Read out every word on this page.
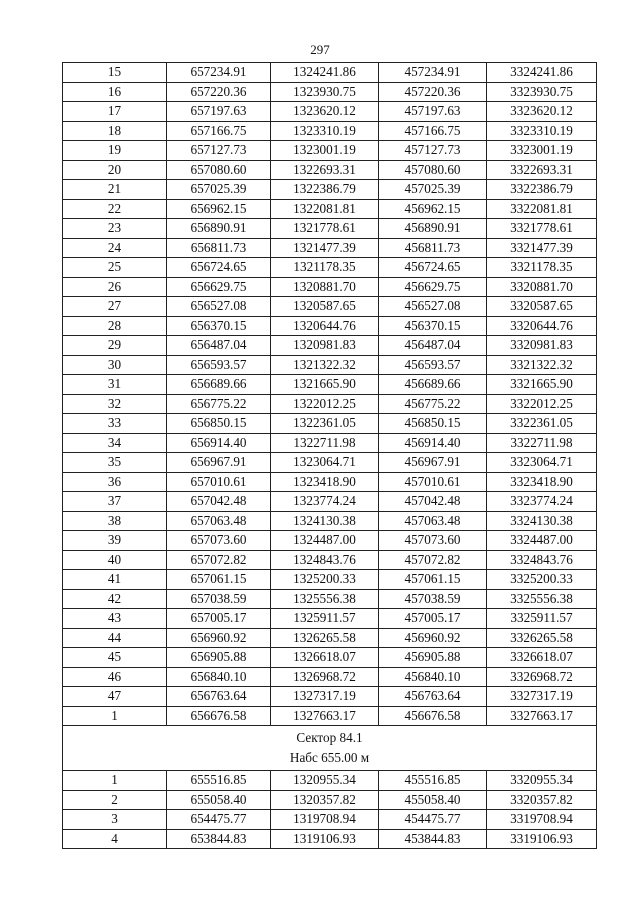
297
15	657234.91	1324241.86	457234.91	3324241.86
16	657220.36	1323930.75	457220.36	3323930.75
17	657197.63	1323620.12	457197.63	3323620.12
18	657166.75	1323310.19	457166.75	3323310.19
19	657127.73	1323001.19	457127.73	3323001.19
20	657080.60	1322693.31	457080.60	3322693.31
21	657025.39	1322386.79	457025.39	3322386.79
22	656962.15	1322081.81	456962.15	3322081.81
23	656890.91	1321778.61	456890.91	3321778.61
24	656811.73	1321477.39	456811.73	3321477.39
25	656724.65	1321178.35	456724.65	3321178.35
26	656629.75	1320881.70	456629.75	3320881.70
27	656527.08	1320587.65	456527.08	3320587.65
28	656370.15	1320644.76	456370.15	3320644.76
29	656487.04	1320981.83	456487.04	3320981.83
30	656593.57	1321322.32	456593.57	3321322.32
31	656689.66	1321665.90	456689.66	3321665.90
32	656775.22	1322012.25	456775.22	3322012.25
33	656850.15	1322361.05	456850.15	3322361.05
34	656914.40	1322711.98	456914.40	3322711.98
35	656967.91	1323064.71	456967.91	3323064.71
36	657010.61	1323418.90	457010.61	3323418.90
37	657042.48	1323774.24	457042.48	3323774.24
38	657063.48	1324130.38	457063.48	3324130.38
39	657073.60	1324487.00	457073.60	3324487.00
40	657072.82	1324843.76	457072.82	3324843.76
41	657061.15	1325200.33	457061.15	3325200.33
42	657038.59	1325556.38	457038.59	3325556.38
43	657005.17	1325911.57	457005.17	3325911.57
44	656960.92	1326265.58	456960.92	3326265.58
45	656905.88	1326618.07	456905.88	3326618.07
46	656840.10	1326968.72	456840.10	3326968.72
47	656763.64	1327317.19	456763.64	3327317.19
1	656676.58	1327663.17	456676.58	3327663.17

Сектор 84.1
Набс 655.00 м				

1	655516.85	1320955.34	455516.85	3320955.34
2	655058.40	1320357.82	455058.40	3320357.82
3	654475.77	1319708.94	454475.77	3319708.94
4	653844.83	1319106.93	453844.83	3319106.93
